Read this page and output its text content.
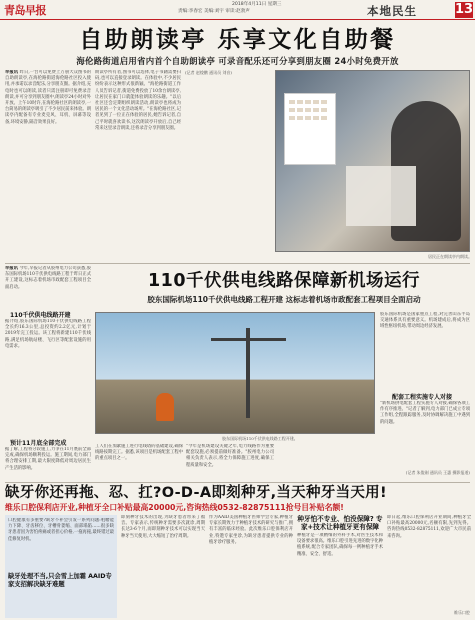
青岛早报	2018年4月11日 星期三
责编:李春宏 美编:刘宇 审读:赵勃声	本地民生	13
自助朗读亭 乐享文化自助餐
海伦路街道启用省内首个自助朗读亭 可录音配乐还可分享到朋友圈 24小时免费开放
早报讯 昨日,一台可以免费上万册大众图书的自助朗读亭,在海伦路街道海伦路社区投入使用,并承诺以录音配乐,分享朋友圈。据介绍,充电时也可以朗读,读者只需注册即可免费录音朗读,并可分享到朋友圈中,朗读亭24小时对外开放。上午10时许,在海伦路社区的朗读亭,一台简易的朗读亭吸引了不少居民前来体验。朗读亭内配备有专业麦克风、耳机、屏幕等设备,环境安静,隔音效果良好。
朗读亭所有者,图书可以选择,电子书籍需要扫码,也可以直接登录朗读。在体验中,不少居民纷纷表示这种形式很新颖。"海伦路街道工作人员告诉记者,街道免费投放了10余台朗读亭,让居民在家门口就能体验朗读的乐趣。"以后社区还会定期组织朗读活动,朗读亭也将成为居民的一个文化活动场所。"在海伦路社区,记者见到了一位正在体验的居民,她告诉记者,自己平时就喜欢读书,这次朗读亭开放后,自己经常来这里录音朗读,还将录音分享到朋友圈。
(记者 赵梭鹏 通讯员 刘音)
居民正在朗读亭内朗读。
早报讯 今年,早报记者从胶州电力公司获悉,胶东国际机场110千伏供电线路工程于昨日正式开工建设,这标志着机场市政配套工程项目全面启动。	110千伏供电线路保障新机场运行
胶东国际机场110千伏供电线路工程开建 这标志着机场市政配套工程项目全面启动
110千伏供电线路开建
据介绍,胶东国际机场110千伏供电线路工程全长约16.3公里,总投资约2.2亿元,计划于2019年完工投运。该工程将新建110千伏线路,满足机场航站楼、飞行区等配套设施的用电需求。
预计11月底全部完成
据了解,工程将分段施工,力争在11月底前全部完成,确保机场顺利投运。施工期间,电力部门将合理安排工期,最大限度降低对周边居民生产生活的影响。
胶东国际机场110千伏供电线路工程开建。
工人们在加紧施工进行电线塔的基础建设,确保线路按期完工。据悉,该项目是机场配套工程中的重点项目之一。
"今年是机场建设关键之年,电力线路作为重要配套设施,必须提前做好准备。"胶州电力公司相关负责人表示,将全力保障施工进度,确保工程质量和安全。
胶东国际机场是国家重点工程,对完善山东半岛交通体系具有重要意义。机场建成后,将成为区域性枢纽机场,带动周边经济发展。
配套工程实施专人对接
"新机场供电配套工程实施专人对接,确保各项工作有序推进。"记者了解到,电力部门已成立专项工作组,全程跟踪服务,及时协调解决施工中遇到的问题。
(记者 朱俊刚 通讯员 王惠 摄影报道)
缺牙你还再拖、忍、扛?O-D-A即刻种牙,当天种牙当天用!
维乐口腔保利店开业,种植牙全口补贴最高20000元,咨询热线0532-82875111抢号目补贴名额!
口腔健康有多重要?缺牙不补会引发一系列问题:咀嚼能力下降、牙齿移位、牙槽骨萎缩、面部塌陷……很多缺牙患者因为害怕疼痛或者担心价格,一拖再拖,最终错过最佳修复时机。
缺牙处理不当,只会雪上加霜 AAID专家支招解决缺牙难题
即刻种牙技术的出现,为缺牙患者带来了福音。专家表示,传统种牙需要多次就诊,周期长达3-6个月,而即刻种牙技术可以实现当天种牙当天使用,大大缩短了治疗周期。
作为AAID美国种植牙医师学会专家,种植牙专家长期致力于种植牙技术的研究与推广,拥有丰富的临床经验。此次维乐口腔保利店开业,特邀专家坐诊,为缺牙患者提供专业的种植牙诊疗服务。
种牙怕不专业、怕没保障? 专家+技术让种植牙更有保障
种植牙是一项精细的外科手术,对医生技术和设备要求很高。维乐口腔引进先进的数字化种植系统,配合专家团队,确保每一例种植牙手术精准、安全、舒适。
即日起,维乐口腔保利店开业期间,种植牙全口补贴最高20000元,名额有限,先到先得。咨询热线0532-82875111,欢迎广大市民前来咨询。
维乐口腔
